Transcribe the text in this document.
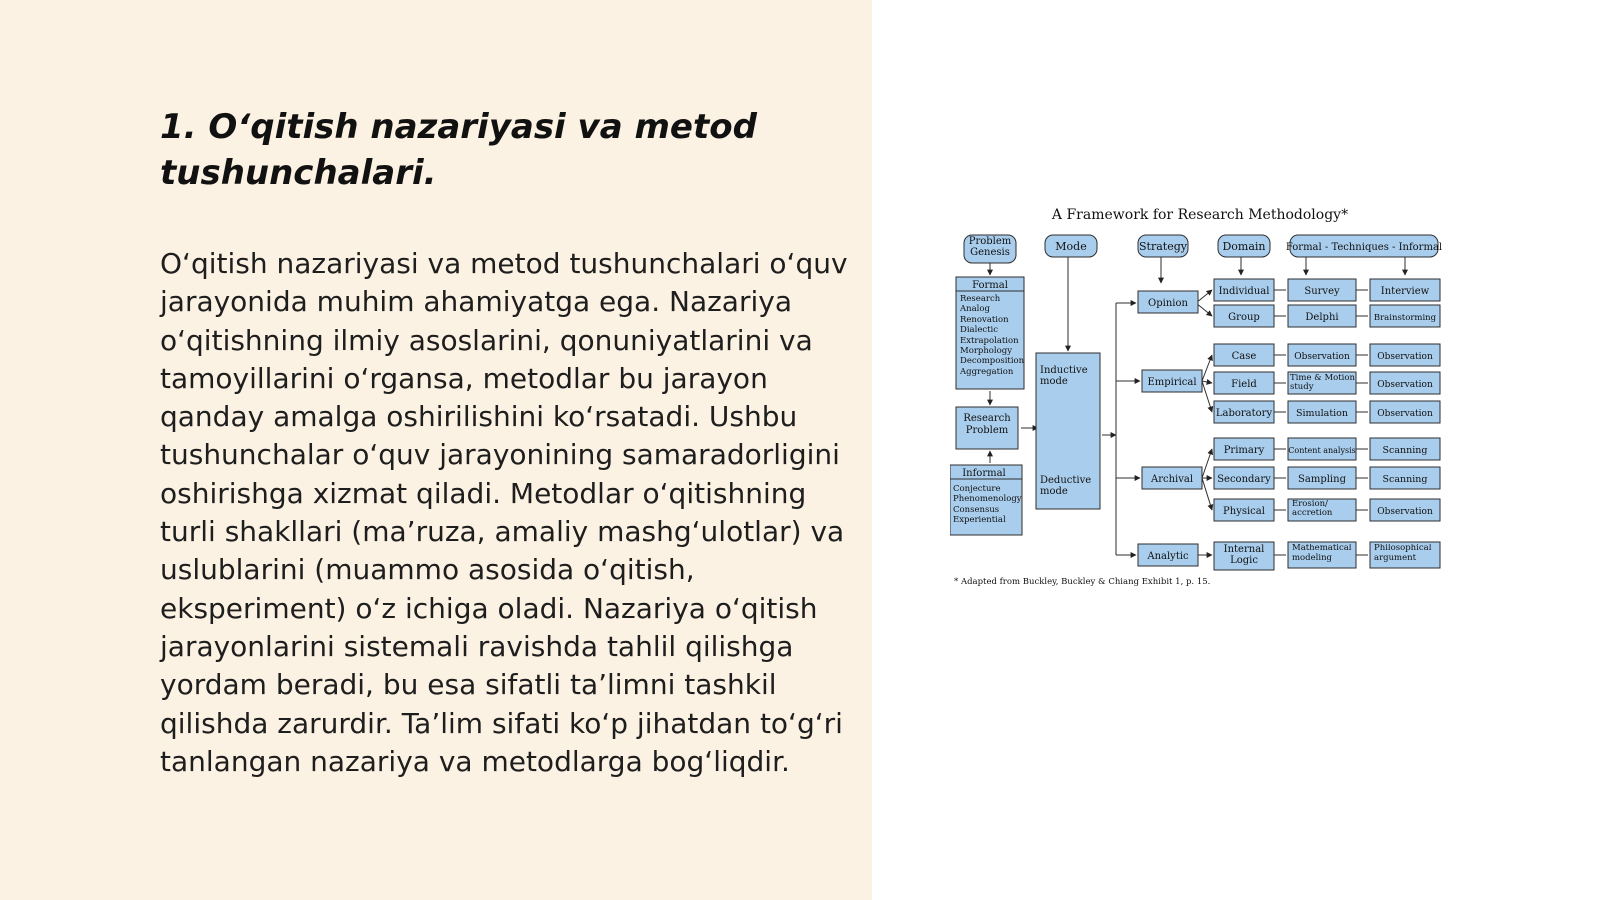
1. O‘qitish nazariyasi va metod tushunchalari.

O‘qitish nazariyasi va metod tushunchalari o‘quv jarayonida muhim ahamiyatga ega. Nazariya o‘qitishning ilmiy asoslarini, qonuniyatlarini va tamoyillarini o‘rgansa, metodlar bu jarayon qanday amalga oshirilishini ko‘rsatadi. Ushbu tushunchalar o‘quv jarayonining samaradorligini oshirishga xizmat qiladi. Metodlar o‘qitishning turli shakllari (ma’ruza, amaliy mashg‘ulotlar) va uslublarini (muammo asosida o‘qitish, eksperiment) o‘z ichiga oladi. Nazariya o‘qitish jarayonlarini sistemali ravishda tahlil qilishga yordam beradi, bu esa sifatli ta’limni tashkil qilishda zarurdir. Ta’lim sifati ko‘p jihatdan to‘g‘ri tanlangan nazariya va metodlarga bog‘liqdir.

A Framework for Research Methodology*
Problem Genesis	Mode	Strategy	Domain Formal - Techniques - Informal
Formal
Research Analog Renovation Dialectic Extrapolation Morphology Decomposition Aggregation
Research Problem
Informal
Conjecture Phenomenology Consensus Experiential
Inductive mode
Deductive mode
Opinion
Empirical
Archival
Analytic
Individual
Group
Case
Field
Laboratory
Primary
Secondary
Physical
Internal Logic
Survey
Delphi
Observation
Time & Motion study
Simulation
Content analysis
Sampling
Erosion/ accretion
Mathematical modeling
Interview
Brainstorming
Observation
Observation
Observation
Scanning
Scanning
Observation
Philosophical argument
* Adapted from Buckley, Buckley & Chiang Exhibit 1, p. 15.
